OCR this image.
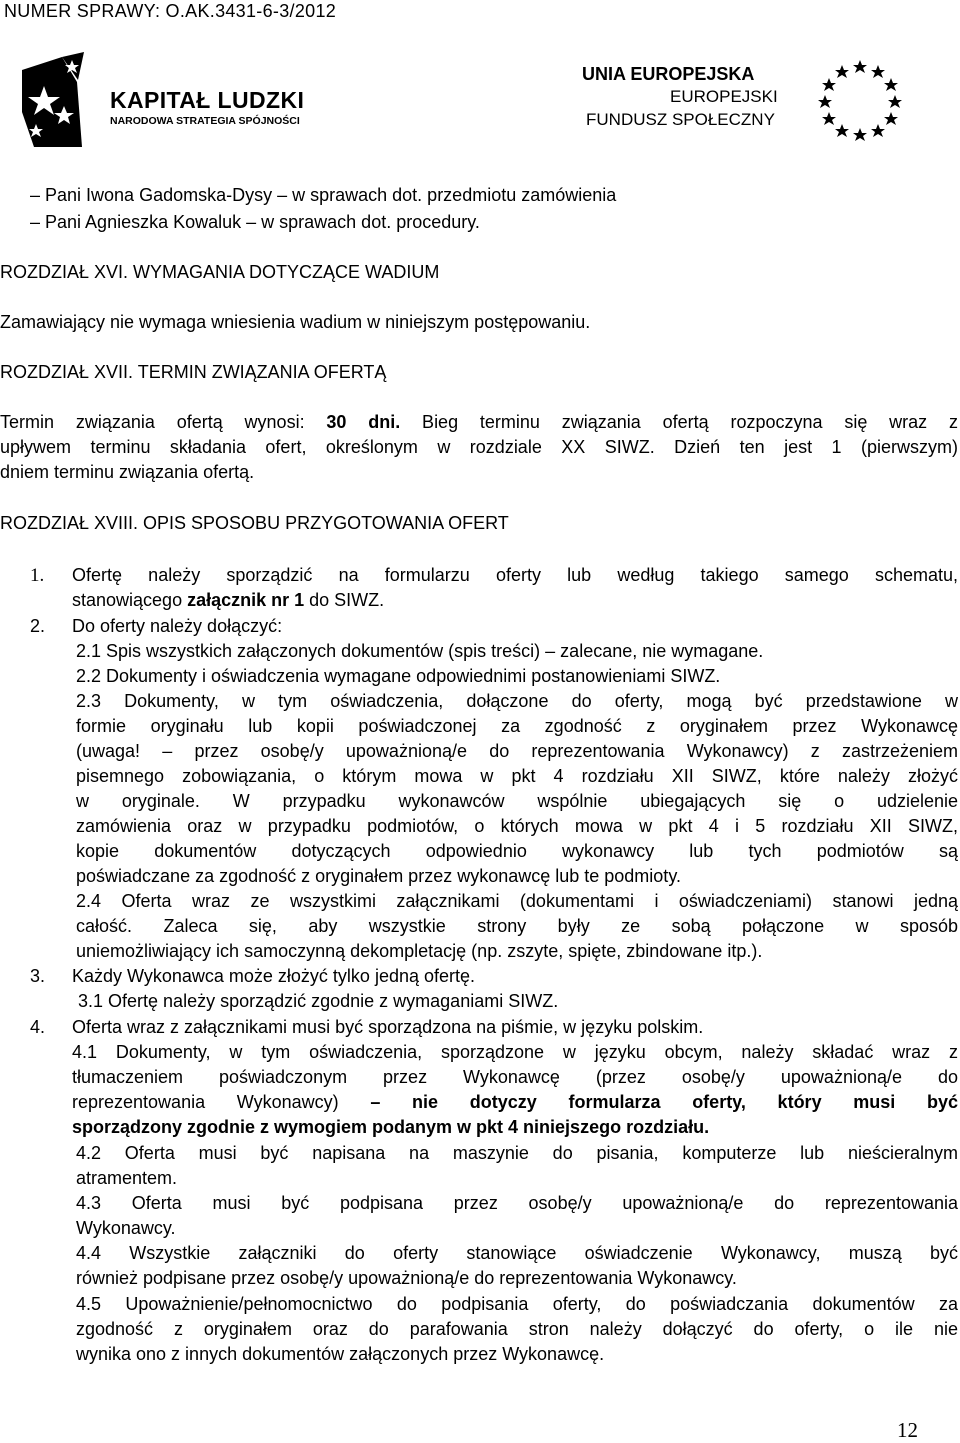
NUMER SPRAWY: O.AK.3431-6-3/2012
KAPITAŁ LUDZKI
NARODOWA STRATEGIA SPÓJNOŚCI
UNIA EUROPEJSKA
EUROPEJSKI
FUNDUSZ SPOŁECZNY
– Pani Iwona Gadomska-Dysy – w sprawach dot. przedmiotu zamówienia
– Pani Agnieszka Kowaluk – w sprawach dot. procedury.
ROZDZIAŁ XVI. WYMAGANIA DOTYCZĄCE WADIUM
Zamawiający nie wymaga wniesienia wadium w niniejszym postępowaniu.
ROZDZIAŁ XVII. TERMIN ZWIĄZANIA OFERTĄ
Termin związania ofertą wynosi: 30 dni. Bieg terminu związania ofertą rozpoczyna się wraz z
upływem terminu składania ofert, określonym w rozdziale XX SIWZ. Dzień ten jest 1 (pierwszym)
dniem terminu związania ofertą.
ROZDZIAŁ XVIII. OPIS SPOSOBU PRZYGOTOWANIA OFERT
1. Ofertę należy sporządzić na formularzu oferty lub według takiego samego schematu,
stanowiącego załącznik nr 1 do SIWZ.
2. Do oferty należy dołączyć:
2.1 Spis wszystkich załączonych dokumentów (spis treści) – zalecane, nie wymagane.
2.2 Dokumenty i oświadczenia wymagane odpowiednimi postanowieniami SIWZ.
2.3 Dokumenty, w tym oświadczenia, dołączone do oferty, mogą być przedstawione w
formie oryginału lub kopii poświadczonej za zgodność z oryginałem przez Wykonawcę
(uwaga! – przez osobę/y upoważnioną/e do reprezentowania Wykonawcy) z zastrzeżeniem
pisemnego zobowiązania, o którym mowa w pkt 4 rozdziału XII SIWZ, które należy złożyć
w oryginale. W przypadku wykonawców wspólnie ubiegających się o udzielenie
zamówienia oraz w przypadku podmiotów, o których mowa w pkt 4 i 5 rozdziału XII SIWZ,
kopie dokumentów dotyczących odpowiednio wykonawcy lub tych podmiotów są
poświadczane za zgodność z oryginałem przez wykonawcę lub te podmioty.
2.4 Oferta wraz ze wszystkimi załącznikami (dokumentami i oświadczeniami) stanowi jedną
całość. Zaleca się, aby wszystkie strony były ze sobą połączone w sposób
uniemożliwiający ich samoczynną dekompletację (np. zszyte, spięte, zbindowane itp.).
3. Każdy Wykonawca może złożyć tylko jedną ofertę.
3.1 Ofertę należy sporządzić zgodnie z wymaganiami SIWZ.
4. Oferta wraz z załącznikami musi być sporządzona na piśmie, w języku polskim.
4.1 Dokumenty, w tym oświadczenia, sporządzone w języku obcym, należy składać wraz z
tłumaczeniem poświadczonym przez Wykonawcę (przez osobę/y upoważnioną/e do
reprezentowania Wykonawcy) – nie dotyczy formularza oferty, który musi być
sporządzony zgodnie z wymogiem podanym w pkt 4 niniejszego rozdziału.
4.2 Oferta musi być napisana na maszynie do pisania, komputerze lub nieścieralnym
atramentem.
4.3 Oferta musi być podpisana przez osobę/y upoważnioną/e do reprezentowania
Wykonawcy.
4.4 Wszystkie załączniki do oferty stanowiące oświadczenie Wykonawcy, muszą być
również podpisane przez osobę/y upoważnioną/e do reprezentowania Wykonawcy.
4.5 Upoważnienie/pełnomocnictwo do podpisania oferty, do poświadczania dokumentów za
zgodność z oryginałem oraz do parafowania stron należy dołączyć do oferty, o ile nie
wynika ono z innych dokumentów załączonych przez Wykonawcę.
12
